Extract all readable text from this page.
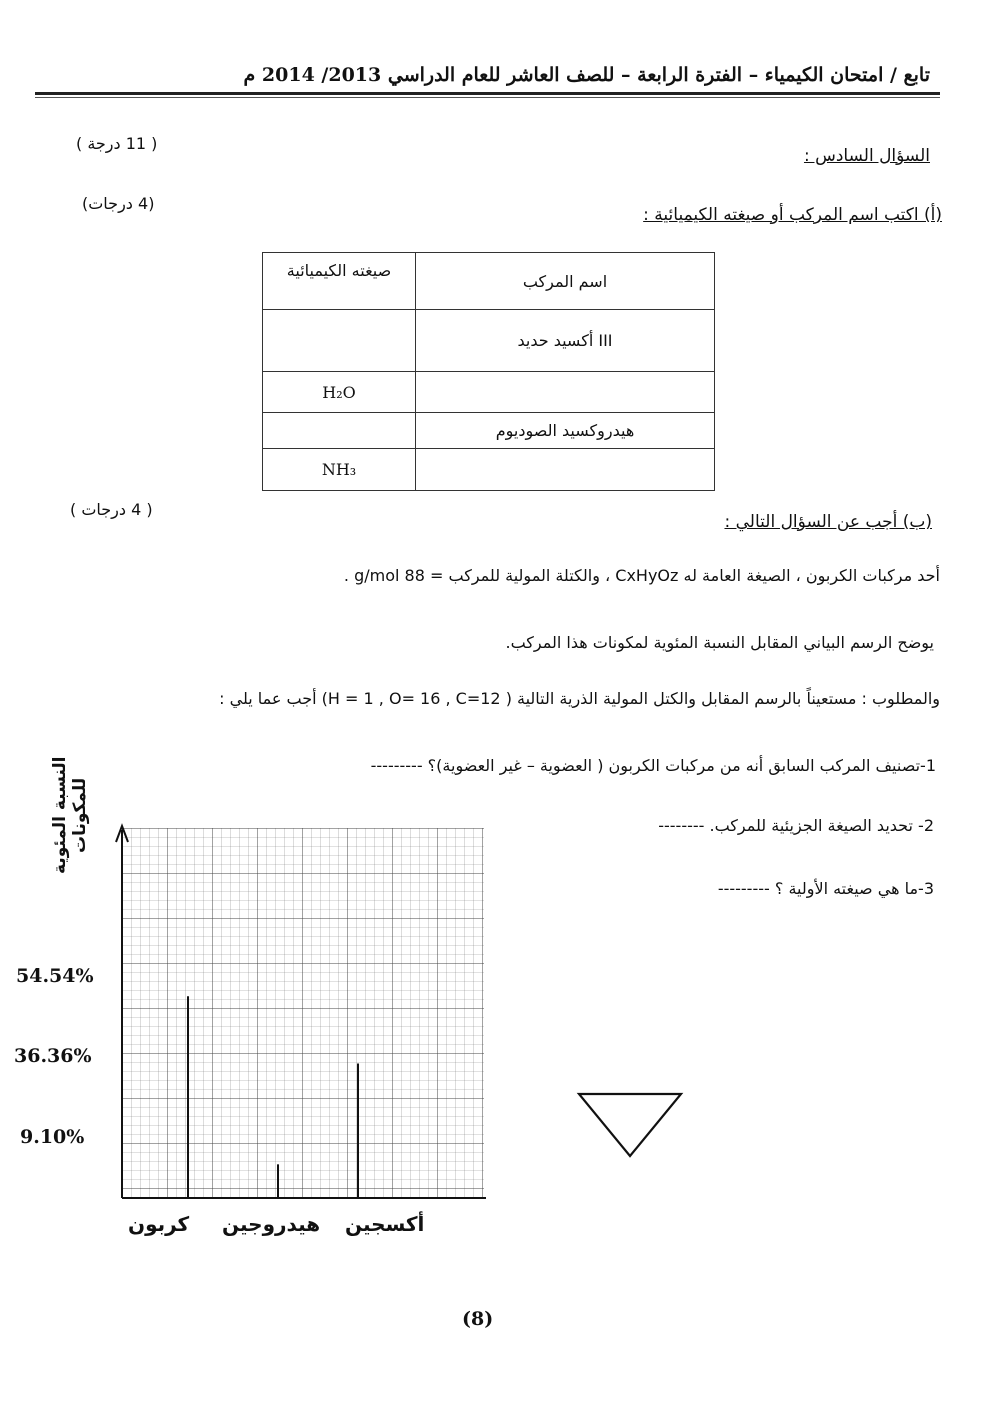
تابع / امتحان الكيمياء – الفترة الرابعة – للصف العاشر للعام الدراسي 2013/ 2014 م
السؤال السادس :
( 11 درجة )
(أ) اكتب اسم المركب أو صيغته الكيميائية :
(4 درجات)
صيغته الكيميائية	اسم المركب
	أكسيد حديد III
H₂O	
	هيدروكسيد الصوديوم
NH₃	
(ب) أجب عن السؤال التالي :
( 4 درجات )
أحد مركبات الكربون ، الصيغة العامة له CxHyOz ، والكتلة المولية للمركب = 88 g/mol .
يوضح الرسم البياني المقابل النسبة المئوية لمكونات هذا المركب.
والمطلوب : مستعيناً بالرسم المقابل والكتل المولية الذرية التالية ( H = 1 , O= 16 , C=12) أجب عما يلي :
1-تصنيف المركب السابق أنه من مركبات الكربون ( العضوية – غير العضوية)؟ ---------
2- تحديد الصيغة الجزيئية للمركب. --------
3-ما هي صيغته الأولية ؟ ---------
النسبة المئوية للمكونات
54.54%
36.36%
9.10%
كربون هيدروجين أكسجين
(8)
